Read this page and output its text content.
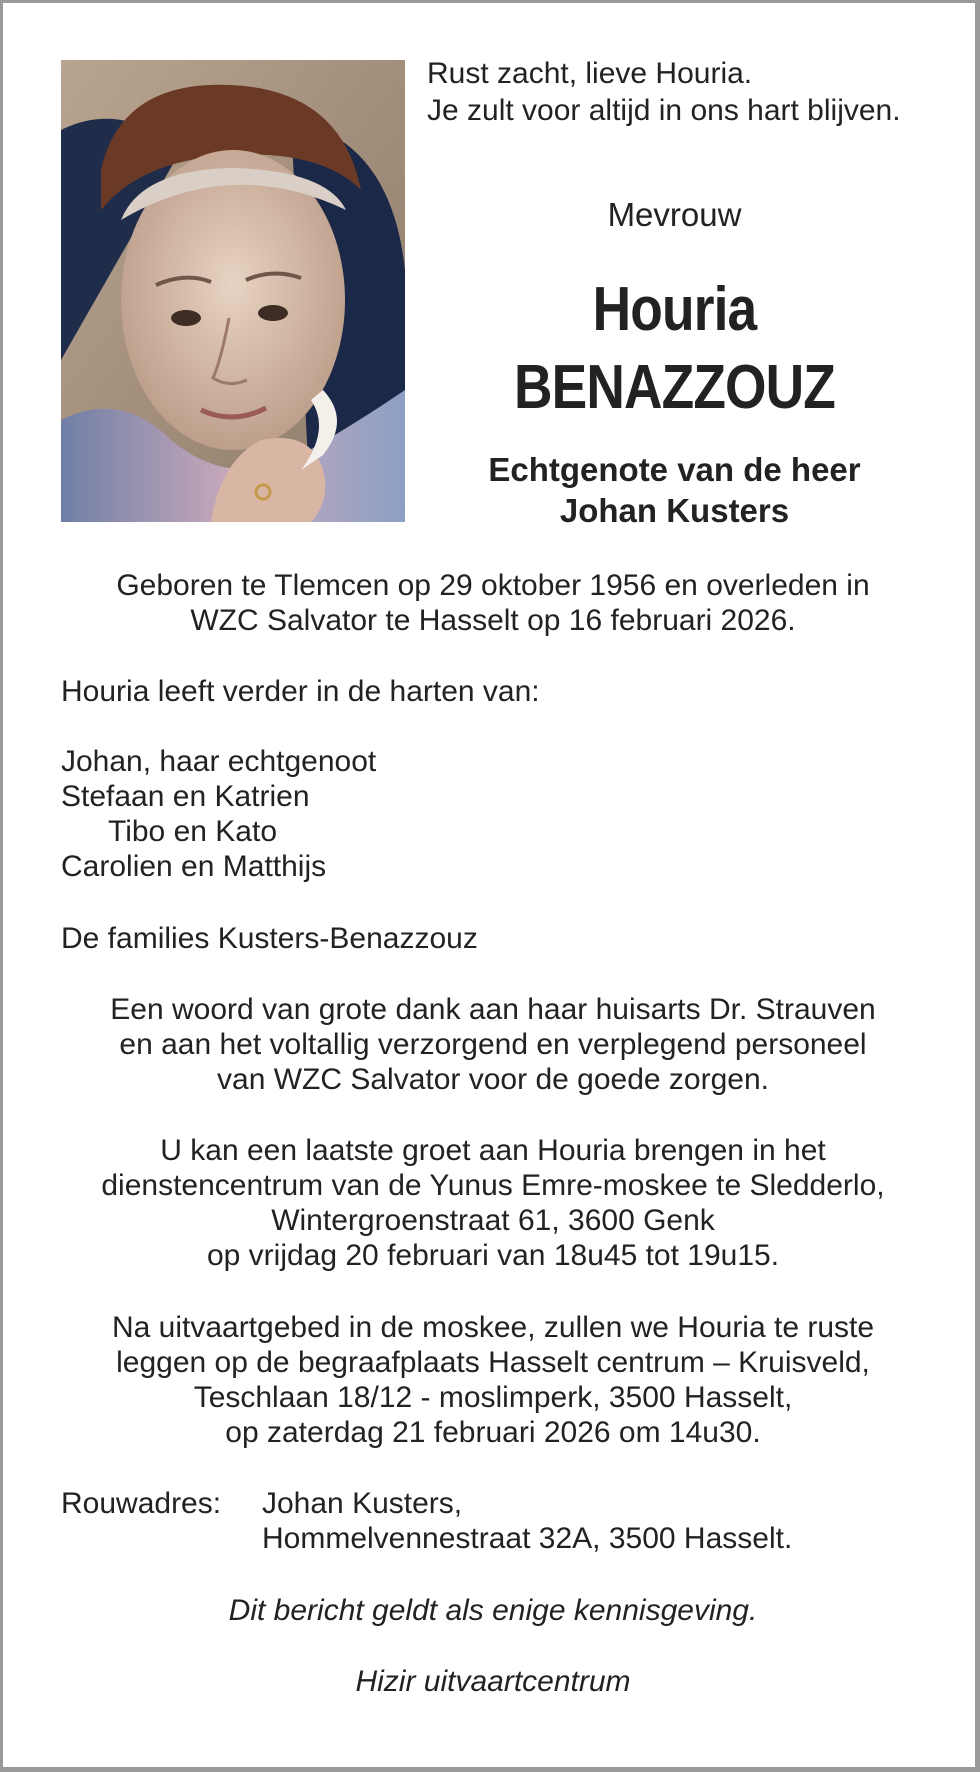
Rust zacht, lieve Houria.
Je zult voor altijd in ons hart blijven.
Mevrouw
Houria
BENAZZOUZ
Echtgenote van de heer
Johan Kusters
Geboren te Tlemcen op 29 oktober 1956 en overleden in
WZC Salvator te Hasselt op 16 februari 2026.
Houria leeft verder in de harten van:
Johan, haar echtgenoot
Stefaan en Katrien
Tibo en Kato
Carolien en Matthijs
De families Kusters-Benazzouz
Een woord van grote dank aan haar huisarts Dr. Strauven
en aan het voltallig verzorgend en verplegend personeel
van WZC Salvator voor de goede zorgen.
U kan een laatste groet aan Houria brengen in het
dienstencentrum van de Yunus Emre-moskee te Sledderlo,
Wintergroenstraat 61, 3600 Genk
op vrijdag 20 februari van 18u45 tot 19u15.
Na uitvaartgebed in de moskee, zullen we Houria te ruste
leggen op de begraafplaats Hasselt centrum – Kruisveld,
Teschlaan 18/12 - moslimperk, 3500 Hasselt,
op zaterdag 21 februari 2026 om 14u30.
Rouwadres: Johan Kusters,
Hommelvennestraat 32A, 3500 Hasselt.
Dit bericht geldt als enige kennisgeving.
Hizir uitvaartcentrum
